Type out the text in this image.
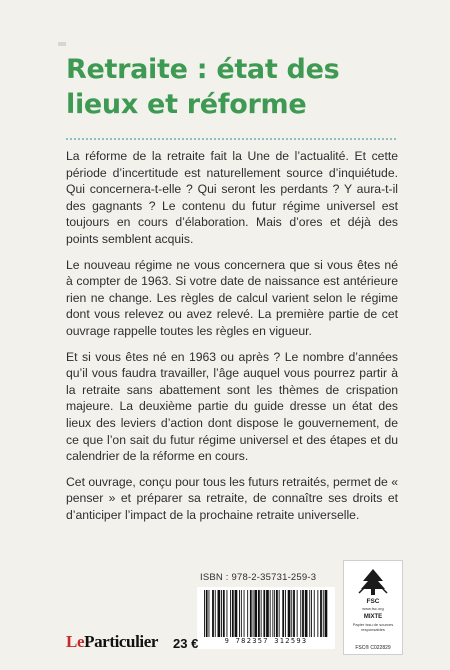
Retraite : état des lieux et réforme

La réforme de la retraite fait la Une de l’actualité. Et cette période d’incertitude est naturellement source d’inquiétude. Qui concernera-t-elle ? Qui seront les perdants ? Y aura-t-il des gagnants ? Le contenu du futur régime universel est toujours en cours d’élaboration. Mais d’ores et déjà des points semblent acquis.

Le nouveau régime ne vous concernera que si vous êtes né à compter de 1963. Si votre date de naissance est antérieure rien ne change. Les règles de calcul varient selon le régime dont vous relevez ou avez relevé. La première partie de cet ouvrage rappelle toutes les règles en vigueur.

Et si vous êtes né en 1963 ou après ? Le nombre d’années qu’il vous faudra travailler, l’âge auquel vous pourrez partir à la retraite sans abattement sont les thèmes de crispation majeure. La deuxième partie du guide dresse un état des lieux des leviers d’action dont dispose le gouvernement, de ce que l’on sait du futur régime universel et des étapes et du calendrier de la réforme en cours.

Cet ouvrage, conçu pour tous les futurs retraités, permet de « penser » et préparer sa retraite, de connaître ses droits et d’anticiper l’impact de la prochaine retraite universelle.

ISBN : 978-2-35731-259-3
9 782357 312593
FSC
www.fsc.org
MIXTE
Papier issu de sources responsables
FSC® C022829
LeParticulier 23 €
